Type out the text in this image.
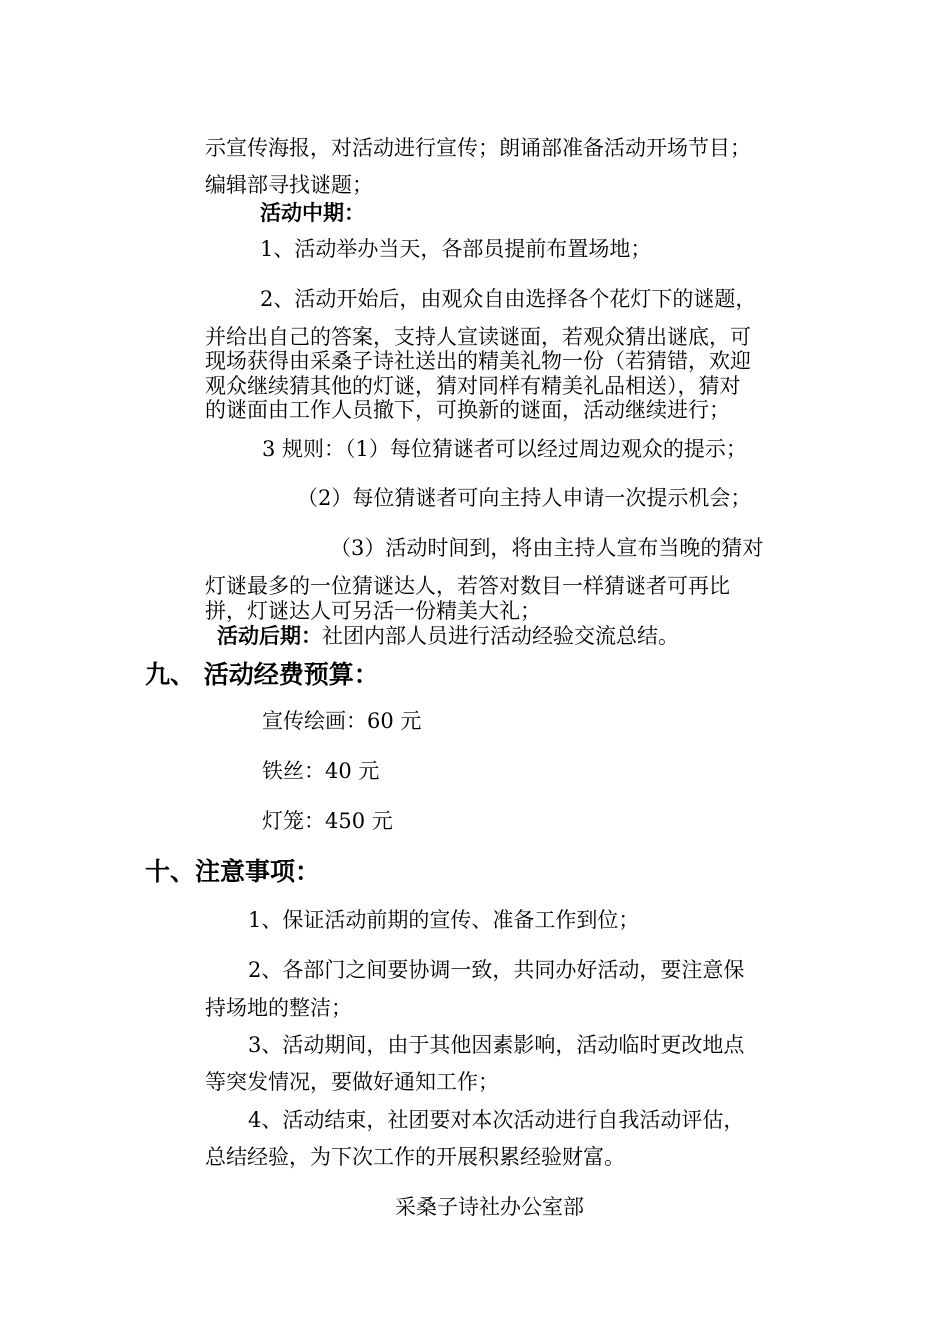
示宣传海报，对活动进行宣传；朗诵部准备活动开场节目；
编辑部寻找谜题；
活动中期：
1、活动举办当天，各部员提前布置场地；
2、活动开始后，由观众自由选择各个花灯下的谜题，
并给出自己的答案，支持人宣读谜面，若观众猜出谜底，可
现场获得由采桑子诗社送出的精美礼物一份（若猜错，欢迎
观众继续猜其他的灯谜，猜对同样有精美礼品相送），猜对
的谜面由工作人员撤下，可换新的谜面，活动继续进行；
3 规则：（1）每位猜谜者可以经过周边观众的提示；
（2）每位猜谜者可向主持人申请一次提示机会；
（3）活动时间到，将由主持人宣布当晚的猜对
灯谜最多的一位猜谜达人，若答对数目一样猜谜者可再比
拼，灯谜达人可另活一份精美大礼；
活动后期：社团内部人员进行活动经验交流总结。
九、 活动经费预算：
宣传绘画：60 元
铁丝：40 元
灯笼：450 元
十、注意事项：
1、保证活动前期的宣传、准备工作到位；
2、各部门之间要协调一致，共同办好活动，要注意保
持场地的整洁；
3、活动期间，由于其他因素影响，活动临时更改地点
等突发情况，要做好通知工作；
4、活动结束，社团要对本次活动进行自我活动评估，
总结经验，为下次工作的开展积累经验财富。
采桑子诗社办公室部
